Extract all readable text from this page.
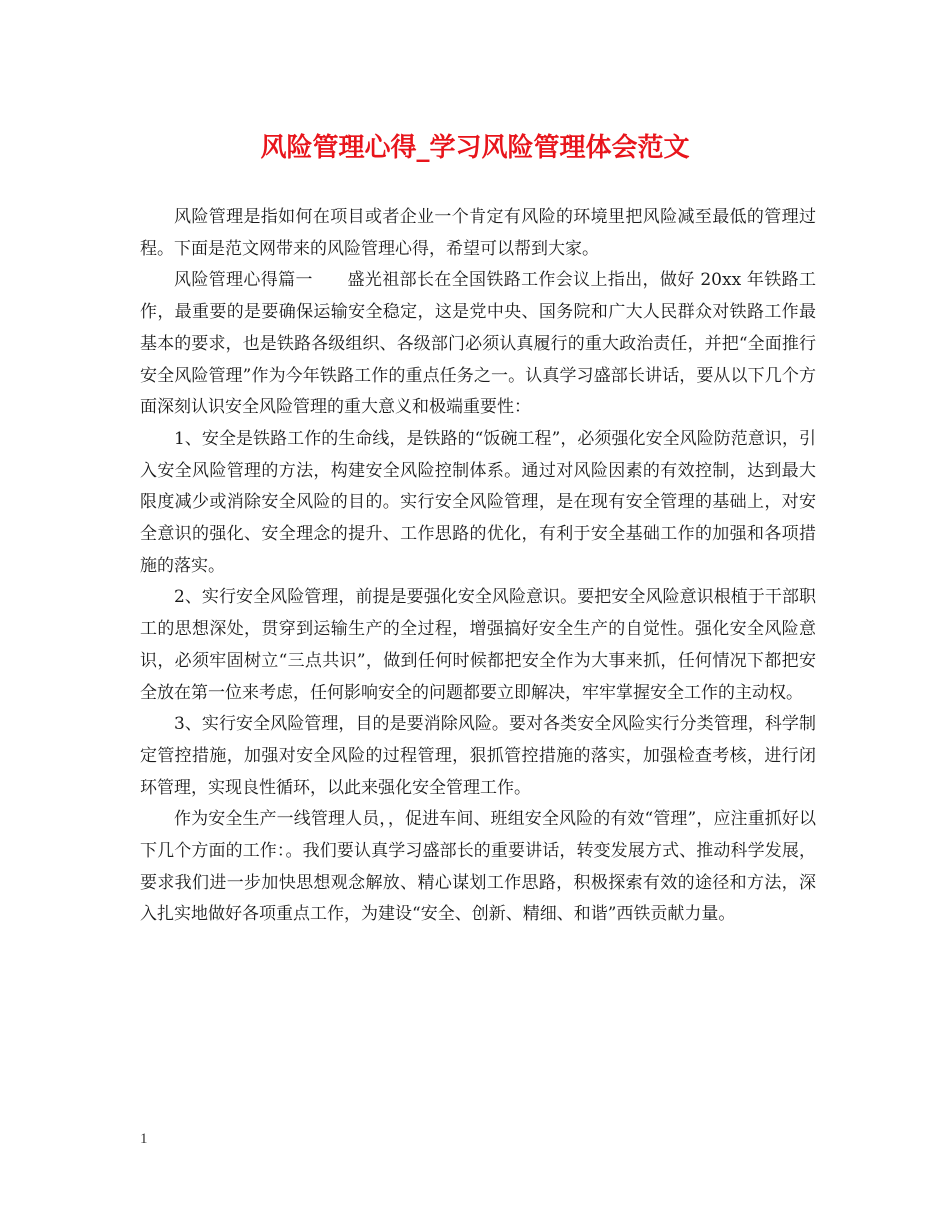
风险管理心得_学习风险管理体会范文

风险管理是指如何在项目或者企业一个肯定有风险的环境里把风险减至最低的管理过程。下面是范文网带来的风险管理心得，希望可以帮到大家。

风险管理心得篇一　　盛光祖部长在全国铁路工作会议上指出，做好 20xx 年铁路工作，最重要的是要确保运输安全稳定，这是党中央、国务院和广大人民群众对铁路工作最基本的要求，也是铁路各级组织、各级部门必须认真履行的重大政治责任，并把“全面推行安全风险管理”作为今年铁路工作的重点任务之一。认真学习盛部长讲话，要从以下几个方面深刻认识安全风险管理的重大意义和极端重要性：

1、安全是铁路工作的生命线，是铁路的“饭碗工程”，必须强化安全风险防范意识，引入安全风险管理的方法，构建安全风险控制体系。通过对风险因素的有效控制，达到最大限度减少或消除安全风险的目的。实行安全风险管理，是在现有安全管理的基础上，对安全意识的强化、安全理念的提升、工作思路的优化，有利于安全基础工作的加强和各项措施的落实。

2、实行安全风险管理，前提是要强化安全风险意识。要把安全风险意识根植于干部职工的思想深处，贯穿到运输生产的全过程，增强搞好安全生产的自觉性。强化安全风险意识，必须牢固树立“三点共识”，做到任何时候都把安全作为大事来抓，任何情况下都把安全放在第一位来考虑，任何影响安全的问题都要立即解决，牢牢掌握安全工作的主动权。

3、实行安全风险管理，目的是要消除风险。要对各类安全风险实行分类管理，科学制定管控措施，加强对安全风险的过程管理，狠抓管控措施的落实，加强检查考核，进行闭环管理，实现良性循环，以此来强化安全管理工作。

作为安全生产一线管理人员，，促进车间、班组安全风险的有效“管理”，应注重抓好以下几个方面的工作：。我们要认真学习盛部长的重要讲话，转变发展方式、推动科学发展，要求我们进一步加快思想观念解放、精心谋划工作思路，积极探索有效的途径和方法，深入扎实地做好各项重点工作，为建设“安全、创新、精细、和谐”西铁贡献力量。

1
